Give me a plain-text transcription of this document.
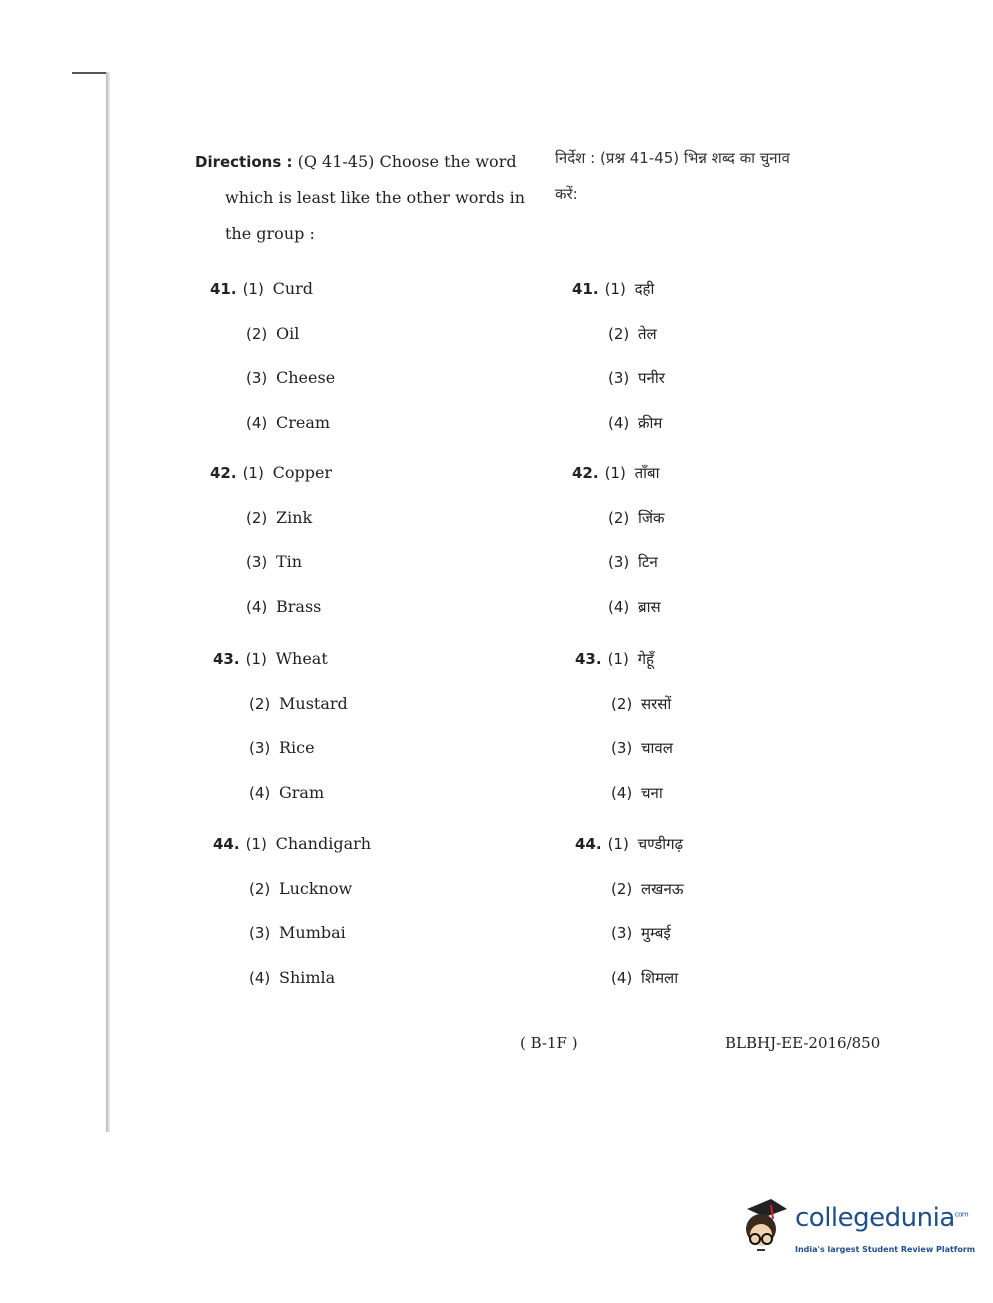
Directions : (Q 41-45) Choose the word
which is least like the other words in
the group :
निर्देश : (प्रश्न 41-45) भिन्न शब्द का चुनाव
करें:
41. (1) Curd
(2) Oil
(3) Cheese
(4) Cream
41. (1) दही
(2) तेल
(3) पनीर
(4) क्रीम
42. (1) Copper
(2) Zink
(3) Tin
(4) Brass
42. (1) ताँबा
(2) जिंक
(3) टिन
(4) ब्रास
43. (1) Wheat
(2) Mustard
(3) Rice
(4) Gram
43. (1) गेहूँ
(2) सरसों
(3) चावल
(4) चना
44. (1) Chandigarh
(2) Lucknow
(3) Mumbai
(4) Shimla
44. (1) चण्डीगढ़
(2) लखनऊ
(3) मुम्बई
(4) शिमला
( B-1F )	BLBHJ-EE-2016/850
collegedunia$^{com}$
India's largest Student Review Platform
